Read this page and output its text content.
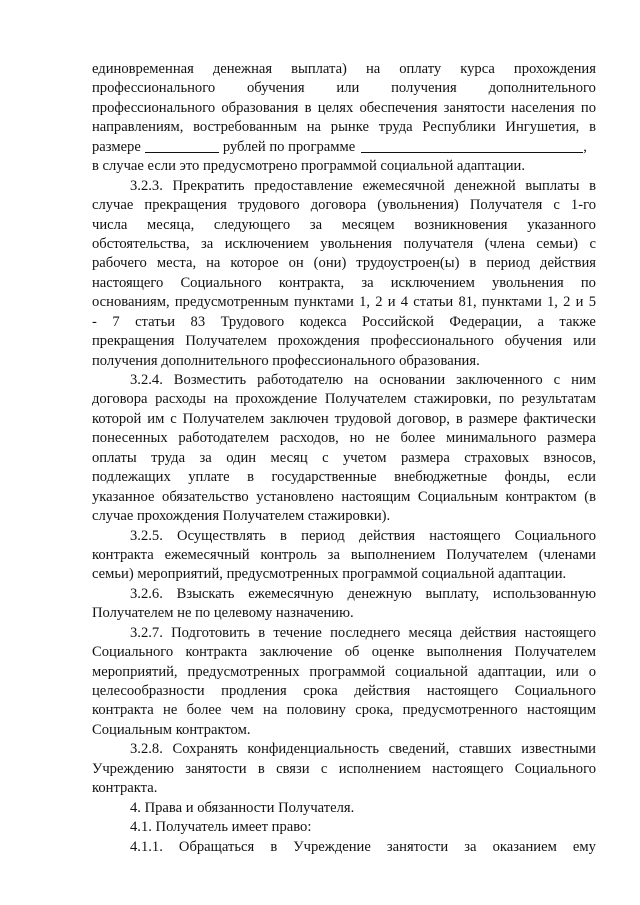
единовременная денежная выплата) на оплату курса прохождения
профессионального обучения или получения дополнительного
профессионального образования в целях обеспечения занятости населения по
направлениям, востребованным на рынке труда Республики Ингушетия, в
размере	рублей по программе	,
в случае если это предусмотрено программой социальной адаптации.
3.2.3. Прекратить предоставление ежемесячной денежной выплаты в
случае прекращения трудового договора (увольнения) Получателя с 1-го
числа месяца, следующего за месяцем возникновения указанного
обстоятельства, за исключением увольнения получателя (члена семьи) с
рабочего места, на которое он (они) трудоустроен(ы) в период действия
настоящего Социального контракта, за исключением увольнения по
основаниям, предусмотренным пунктами 1, 2 и 4 статьи 81, пунктами 1, 2 и 5
- 7 статьи 83 Трудового кодекса Российской Федерации, а также
прекращения Получателем прохождения профессионального обучения или
получения дополнительного профессионального образования.
3.2.4. Возместить работодателю на основании заключенного с ним
договора расходы на прохождение Получателем стажировки, по результатам
которой им с Получателем заключен трудовой договор, в размере фактически
понесенных работодателем расходов, но не более минимального размера
оплаты труда за один месяц с учетом размера страховых взносов,
подлежащих уплате в государственные внебюджетные фонды, если
указанное обязательство установлено настоящим Социальным контрактом (в
случае прохождения Получателем стажировки).
3.2.5. Осуществлять в период действия настоящего Социального
контракта ежемесячный контроль за выполнением Получателем (членами
семьи) мероприятий, предусмотренных программой социальной адаптации.
3.2.6. Взыскать ежемесячную денежную выплату, использованную
Получателем не по целевому назначению.
3.2.7. Подготовить в течение последнего месяца действия настоящего
Социального контракта заключение об оценке выполнения Получателем
мероприятий, предусмотренных программой социальной адаптации, или о
целесообразности продления срока действия настоящего Социального
контракта не более чем на половину срока, предусмотренного настоящим
Социальным контрактом.
3.2.8. Сохранять конфиденциальность сведений, ставших известными
Учреждению занятости в связи с исполнением настоящего Социального
контракта.
4. Права и обязанности Получателя.
4.1. Получатель имеет право:
4.1.1. Обращаться в Учреждение занятости за оказанием ему
